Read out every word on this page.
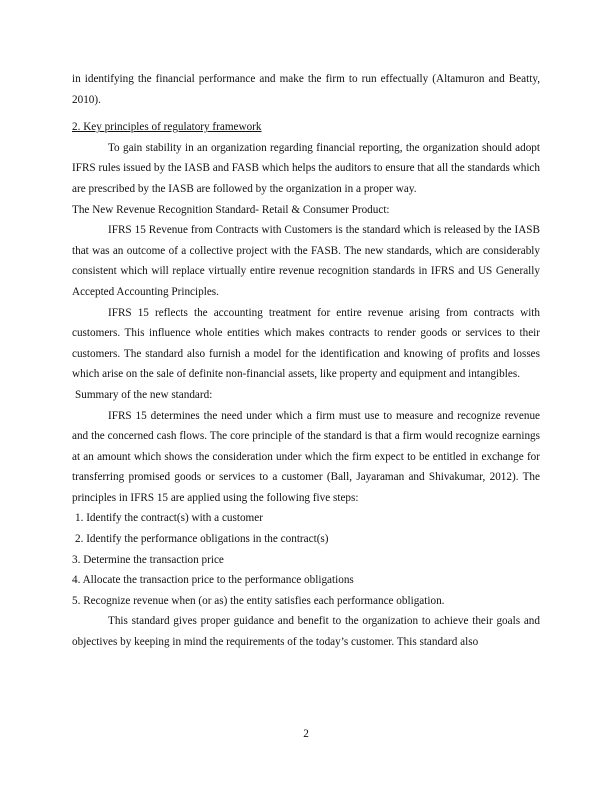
in identifying the financial performance and make the firm to run effectually (Altamuron and Beatty, 2010).

2. Key principles of regulatory framework

To gain stability in an organization regarding financial reporting, the organization should adopt IFRS rules issued by the IASB and FASB which helps the auditors to ensure that all the standards which are prescribed by the IASB are followed by the organization in a proper way.

The New Revenue Recognition Standard- Retail & Consumer Product:

IFRS 15 Revenue from Contracts with Customers is the standard which is released by the IASB that was an outcome of a collective project with the FASB. The new standards, which are considerably consistent which will replace virtually entire revenue recognition standards in IFRS and US Generally Accepted Accounting Principles.

IFRS 15 reflects the accounting treatment for entire revenue arising from contracts with customers. This influence whole entities which makes contracts to render goods or services to their customers. The standard also furnish a model for the identification and knowing of profits and losses which arise on the sale of definite non-financial assets, like property and equipment and intangibles.

Summary of the new standard:

IFRS 15 determines the need under which a firm must use to measure and recognize revenue and the concerned cash flows. The core principle of the standard is that a firm would recognize earnings at an amount which shows the consideration under which the firm expect to be entitled in exchange for transferring promised goods or services to a customer (Ball, Jayaraman and Shivakumar, 2012). The principles in IFRS 15 are applied using the following five steps:

1. Identify the contract(s) with a customer

2. Identify the performance obligations in the contract(s)

3. Determine the transaction price

4. Allocate the transaction price to the performance obligations

5. Recognize revenue when (or as) the entity satisfies each performance obligation.

This standard gives proper guidance and benefit to the organization to achieve their goals and objectives by keeping in mind the requirements of the today’s customer. This standard also

2
